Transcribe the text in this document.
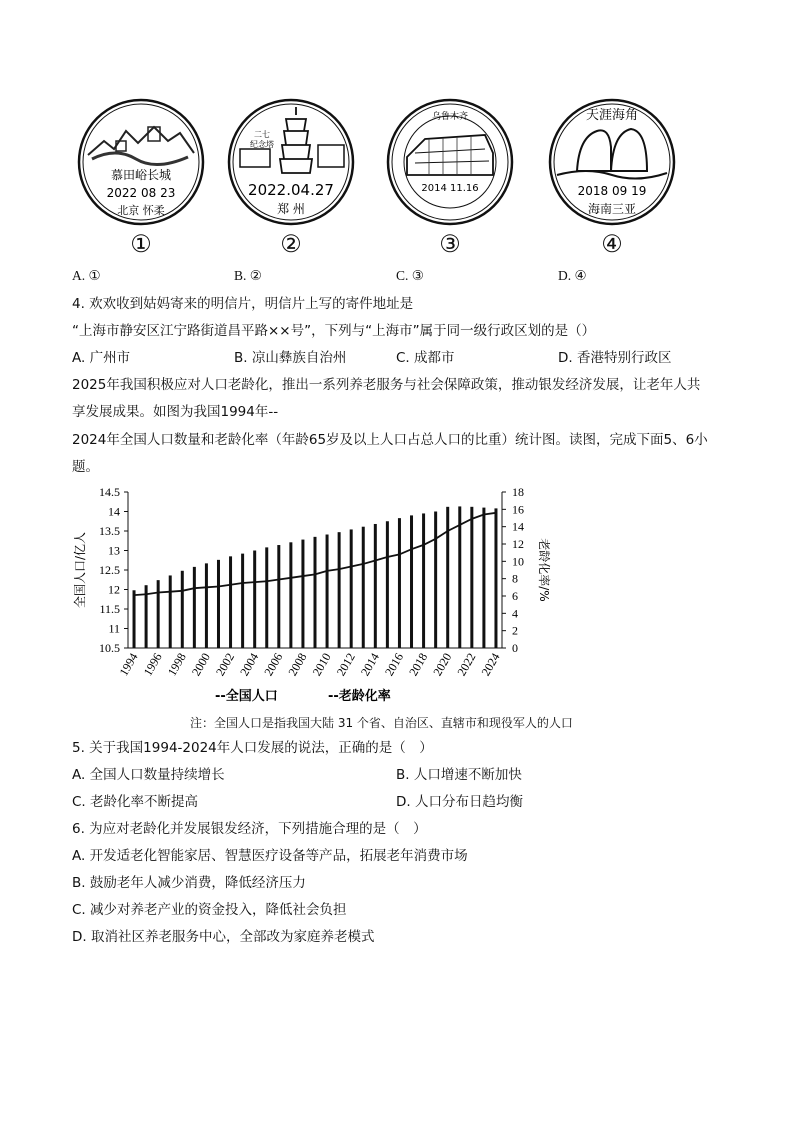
慕田峪长城
2022 08 23
北京 怀柔
①
二七
纪念塔
2022.04.27
郑 州
②
2014 11.16
乌鲁木齐
③
天涯海角
2018 09 19
海南三亚
④
A. ①	B. ②	C. ③	D. ④
4. 欢欢收到姑妈寄来的明信片，明信片上写的寄件地址是
“上海市静安区江宁路街道昌平路××号”，下列与“上海市”属于同一级行政区划的是（）
A. 广州市	B. 凉山彝族自治州	C. 成都市	D. 香港特别行政区
2025年我国积极应对人口老龄化，推出一系列养老服务与社会保障政策，推动银发经济发展，让老年人共
享发展成果。如图为我国1994年--
2024年全国人口数量和老龄化率（年龄65岁及以上人口占总人口的比重）统计图。读图，完成下面5、6小
题。
14.5
14
13.5
13
12.5
12
11.5
11
10.5
18
16
14
12
10
8
6
4
2
0
1994 1996 1998 2000 2002 2004 2006 2008 2010 2012 2014 2016 2018 2020 2022 2024
全国人口/亿人	老龄化率/%
--全国人口	--老龄化率
注：全国人口是指我国大陆 31 个省、自治区、直辖市和现役军人的人口
5. 关于我国1994-2024年人口发展的说法，正确的是（　）
A. 全国人口数量持续增长	B. 人口增速不断加快
C. 老龄化率不断提高	D. 人口分布日趋均衡
6. 为应对老龄化并发展银发经济，下列措施合理的是（　）
A. 开发适老化智能家居、智慧医疗设备等产品，拓展老年消费市场
B. 鼓励老年人减少消费，降低经济压力
C. 减少对养老产业的资金投入，降低社会负担
D. 取消社区养老服务中心，全部改为家庭养老模式
